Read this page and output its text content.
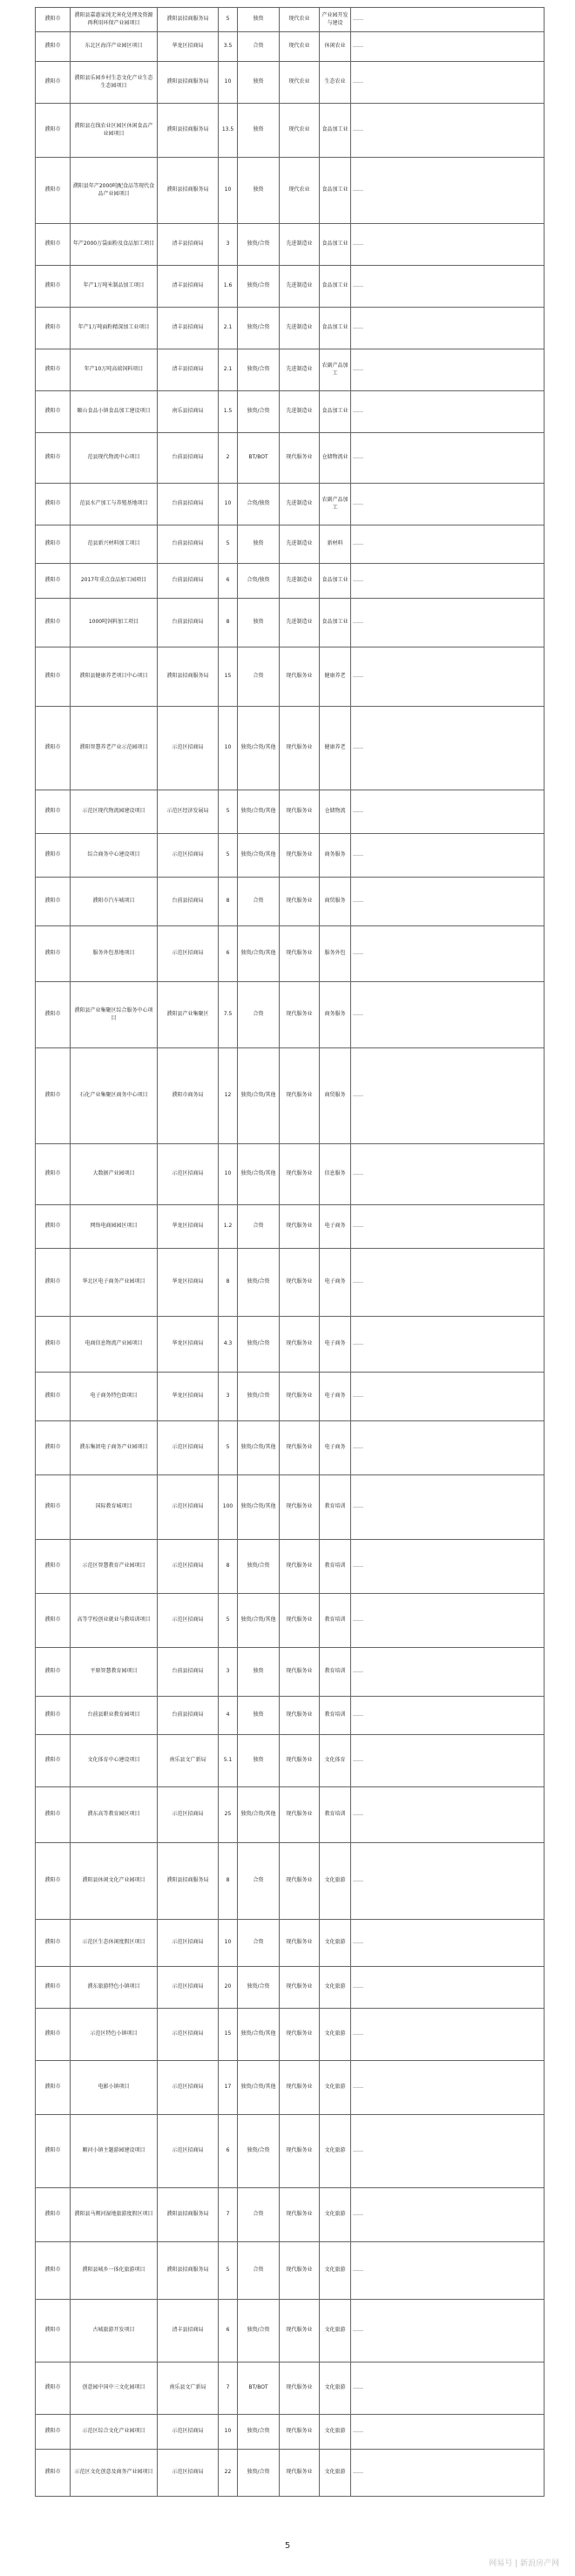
濮阳市	濮阳县嘉惠家纯无害化处理及资源再利用环保产业园项目	濮阳县招商服务局	5	独资	现代农业	产业园开发与建设	……
濮阳市	东北区海洋产业园区项目	华龙区招商局	3.5	合资	现代农业	休闲农业	……
濮阳市	濮阳县乐园乡村生态文化产业生态生态园项目	濮阳县招商服务局	10	独资	现代农业	生态农业	……
濮阳市	濮阳县在线农业区园区休闲食品产业园项目	濮阳县招商服务局	13.5	独资	现代农业	食品加工业	……
濮阳市	濮阳县年产2000吨配食品等现代食品产业园项目	濮阳县招商服务局	10	独资	现代农业	食品加工业	……
濮阳市	年产2000万袋面粉及食品加工项目	清丰县招商局	3	独资/合资	先进制造业	食品加工业	……
濮阳市	年产1万吨米制品加工项目	清丰县招商局	1.6	独资/合资	先进制造业	食品加工业	……
濮阳市	年产1万吨面粉精深加工业项目	清丰县招商局	2.1	独资/合资	先进制造业	食品加工业	……
濮阳市	年产10万吨高端饲料项目	清丰县招商局	2.1	独资/合资	先进制造业	农副产品加工	……
濮阳市	颐山食品小镇食品加工建设项目	南乐县招商局	1.5	独资/合资	先进制造业	食品加工业	……
濮阳市	范县现代物流中心项目	台前县招商局	2	BT/BOT	现代服务业	仓储物流业	……
濮阳市	范县水产加工与养殖基地项目	台前县招商局	10	合资/独资	先进制造业	农副产品加工	……
濮阳市	范县新兴材料加工项目	台前县招商局	5	独资	先进制造业	新材料	……
濮阳市	2017年重点食品加工园项目	台前县招商局	6	合资/独资	先进制造业	食品加工业	……
濮阳市	1000吨饲料加工项目	台前县招商局	8	独资	先进制造业	食品加工业	……
濮阳市	濮阳县健康养老项目中心项目	濮阳县招商服务局	15	合资	现代服务业	健康养老	……
濮阳市	濮阳智慧养老产业示范园项目	示范区招商局	10	独资/合资/其他	现代服务业	健康养老	……
濮阳市	示范区现代物流园建设项目	示范区经济发展局	5	独资/合资/其他	现代服务业	仓储物流	……
濮阳市	综合商务中心建设项目	示范区招商局	5	独资/合资/其他	现代服务业	商务服务	……
濮阳市	濮阳市汽车城项目	台前县招商局	8	合资	现代服务业	商贸服务	……
濮阳市	服务外包基地项目	示范区招商局	6	独资/合资/其他	现代服务业	服务外包	……
濮阳市	濮阳县产业集聚区综合服务中心项目	濮阳县产业集聚区	7.5	合资	现代服务业	商务服务	……
濮阳市	石化产业集聚区商务中心项目	濮阳市商务局	12	独资/合资/其他	现代服务业	商贸服务	……
濮阳市	大数据产业园项目	示范区招商局	10	独资/合资/其他	现代服务业	信息服务	……
濮阳市	网络电商园园区项目	华龙区招商局	1.2	合资	现代服务业	电子商务	……
濮阳市	华北区电子商务产业园项目	华龙区招商局	8	独资/合资	现代服务业	电子商务	……
濮阳市	电商信息物流产业园项目	华龙区招商局	4.3	独资/合资	现代服务业	电子商务	……
濮阳市	电子商务特色街项目	华龙区招商局	3	独资/合资	现代服务业	电子商务	……
濮阳市	濮东集团电子商务产业园项目	示范区招商局	5	独资/合资/其他	现代服务业	电子商务	……
濮阳市	国际教育城项目	示范区招商局	100	独资/合资/其他	现代服务业	教育培训	……
濮阳市	示范区智慧教育产业园项目	示范区招商局	8	独资/合资	现代服务业	教育培训	……
濮阳市	高等学校创业就业与教培训项目	示范区招商局	5	独资/合资/其他	现代服务业	教育培训	……
濮阳市	平原智慧教育园项目	台前县招商局	3	独资	现代服务业	教育培训	……
濮阳市	台前县职业教育园项目	台前县招商局	4	独资	现代服务业	教育培训	……
濮阳市	文化体育中心建设项目	南乐县文广新局	5.1	独资	现代服务业	文化体育	……
濮阳市	濮东高等教育园区项目	示范区招商局	25	独资/合资/其他	现代服务业	教育培训	……
濮阳市	濮阳县休闲文化产业园项目	濮阳县招商服务局	8	合资	现代服务业	文化旅游	……
濮阳市	示范区生态休闲度假区项目	示范区招商局	10	合资	现代服务业	文化旅游	……
濮阳市	濮东旅游特色小镇项目	示范区招商局	20	独资/合资	现代服务业	文化旅游	……
濮阳市	示范区特色小镇项目	示范区招商局	15	独资/合资/其他	现代服务业	文化旅游	……
濮阳市	电影小镇项目	示范区招商局	17	独资/合资/其他	现代服务业	文化旅游	……
濮阳市	顺河小镇主题游园建设项目	示范区招商局	6	独资/合资	现代服务业	文化旅游	……
濮阳市	濮阳县马颊河湿地旅游度假区项目	濮阳县招商服务局	7	合资	现代服务业	文化旅游	……
濮阳市	濮阳县城乡一体化旅游项目	濮阳县招商服务局	5	合资	现代服务业	文化旅游	……
濮阳市	古城旅游开发项目	清丰县招商局	6	独资/合资	现代服务业	文化旅游	……
濮阳市	创意园中国中三文化园项目	南乐县文广新局	7	BT/BOT	现代服务业	文化旅游	……
濮阳市	示范区综合文化产业园项目	示范区招商局	10	独资/合资	现代服务业	文化旅游	……
濮阳市	示范区文化创意及商务产业园项目	示范区招商局	22	独资/合资	现代服务业	文化旅游	……
5
网易号 | 新浪房产网
